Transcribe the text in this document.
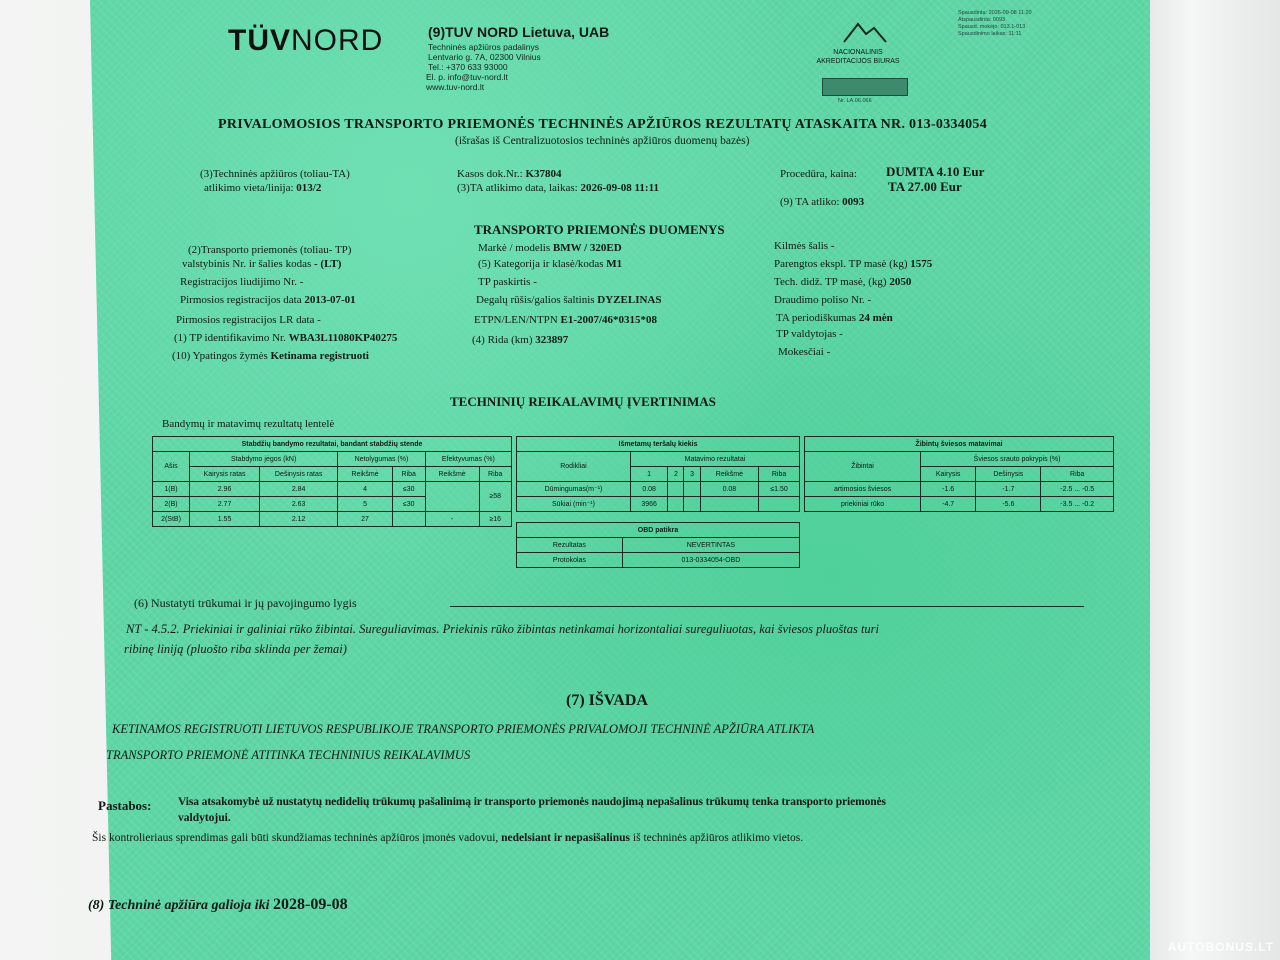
TÜVNORD	(9)TUV NORD Lietuva, UAB
Techninės apžiūros padalinys
Lentvario g. 7A, 02300 Vilnius
Tel.: +370 633 93000
El. p. info@tuv-nord.lt
www.tuv-nord.lt
NACIONALINIS
AKREDITACIJOS BIURAS
Nr. LA.06.066
Spausdinta: 2026-09-08 11:20
Atspausdinta: 0093
Spausd. mokėjo: 013.1-013
Spausdinimo laikas: 11:11
PRIVALOMOSIOS TRANSPORTO PRIEMONĖS TECHNINĖS APŽIŪROS REZULTATŲ ATASKAITA NR. 013-0334054
(išrašas iš Centralizuotosios techninės apžiūros duomenų bazės)
(3)Techninės apžiūros (toliau-TA)
atlikimo vieta/linija: 013/2
Kasos dok.Nr.: K37804
(3)TA atlikimo data, laikas: 2026-09-08 11:11
Procedūra, kaina: DUMTA 4.10 Eur
TA 27.00 Eur
(9) TA atliko: 0093
TRANSPORTO PRIEMONĖS DUOMENYS
(2)Transporto priemonės (toliau- TP)
valstybinis Nr. ir šalies kodas - (LT)
Registracijos liudijimo Nr. -
Pirmosios registracijos data 2013-07-01
Pirmosios registracijos LR data -
(1) TP identifikavimo Nr. WBA3L11080KP40275
(10) Ypatingos žymės Ketinama registruoti
Markė / modelis BMW / 320ED
(5) Kategorija ir klasė/kodas M1
TP paskirtis -
Degalų rūšis/galios šaltinis DYZELINAS
ETPN/LEN/NTPN E1-2007/46*0315*08
(4) Rida (km) 323897
Kilmės šalis -
Parengtos ekspl. TP masė (kg) 1575
Tech. didž. TP masė, (kg) 2050
Draudimo poliso Nr. -
TA periodiškumas 24 mėn
TP valdytojas -
Mokesčiai -
TECHNINIŲ REIKALAVIMŲ ĮVERTINIMAS
Bandymų ir matavimų rezultatų lentelė
Stabdžių bandymo rezultatai, bandant stabdžių stende						
Ašis	Stabdymo jėgos (kN)		Netolygumas (%)		Efektyvumas (%)	
	Kairysis ratas	Dešinysis ratas	Reikšmė	Riba	Reikšmė	Riba
1(B)	2.96	2.84	4	≤30		≥58
2(B)	2.77	2.63	5	≤30		
2(StB)	1.55	2.12	27		-	≥16
Išmetamų teršalų kiekis					
Rodikliai	Matavimo rezultatai				
	1	2	3	Reikšmė	Riba
Dūmingumas(m⁻¹)	0.08			0.08	≤1.50
Sūkiai (min⁻¹)	3966				
OBD patikra	
Rezultatas	NEVERTINTAS
Protokolas	013-0334054-OBD
Žibintų šviesos matavimai			
Žibintai	Šviesos srauto pokrypis (%)		
	Kairysis	Dešinysis	Riba
artimosios šviesos	-1.6	-1.7	-2.5 ... -0.5
priekiniai rūko	-4.7	-5.6	-3.5 ... -0.2
(6) Nustatyti trūkumai ir jų pavojingumo lygis
NT - 4.5.2. Priekiniai ir galiniai rūko žibintai. Sureguliavimas. Priekinis rūko žibintas netinkamai horizontaliai sureguliuotas, kai šviesos pluoštas turi
ribinę liniją (pluošto riba sklinda per žemai)
(7) IŠVADA
KETINAMOS REGISTRUOTI LIETUVOS RESPUBLIKOJE TRANSPORTO PRIEMONĖS PRIVALOMOJI TECHNINĖ APŽIŪRA ATLIKTA
TRANSPORTO PRIEMONĖ ATITINKA TECHNINIUS REIKALAVIMUS
Pastabos: Visa atsakomybė už nustatytų nedidelių trūkumų pašalinimą ir transporto priemonės naudojimą nepašalinus trūkumų tenka transporto priemonės
valdytojui.
Šis kontrolieriaus sprendimas gali būti skundžiamas techninės apžiūros įmonės vadovui, nedelsiant ir nepasišalinus iš techninės apžiūros atlikimo vietos.
(8) Techninė apžiūra galioja iki 2028-09-08
AUTOBONUS.LT
